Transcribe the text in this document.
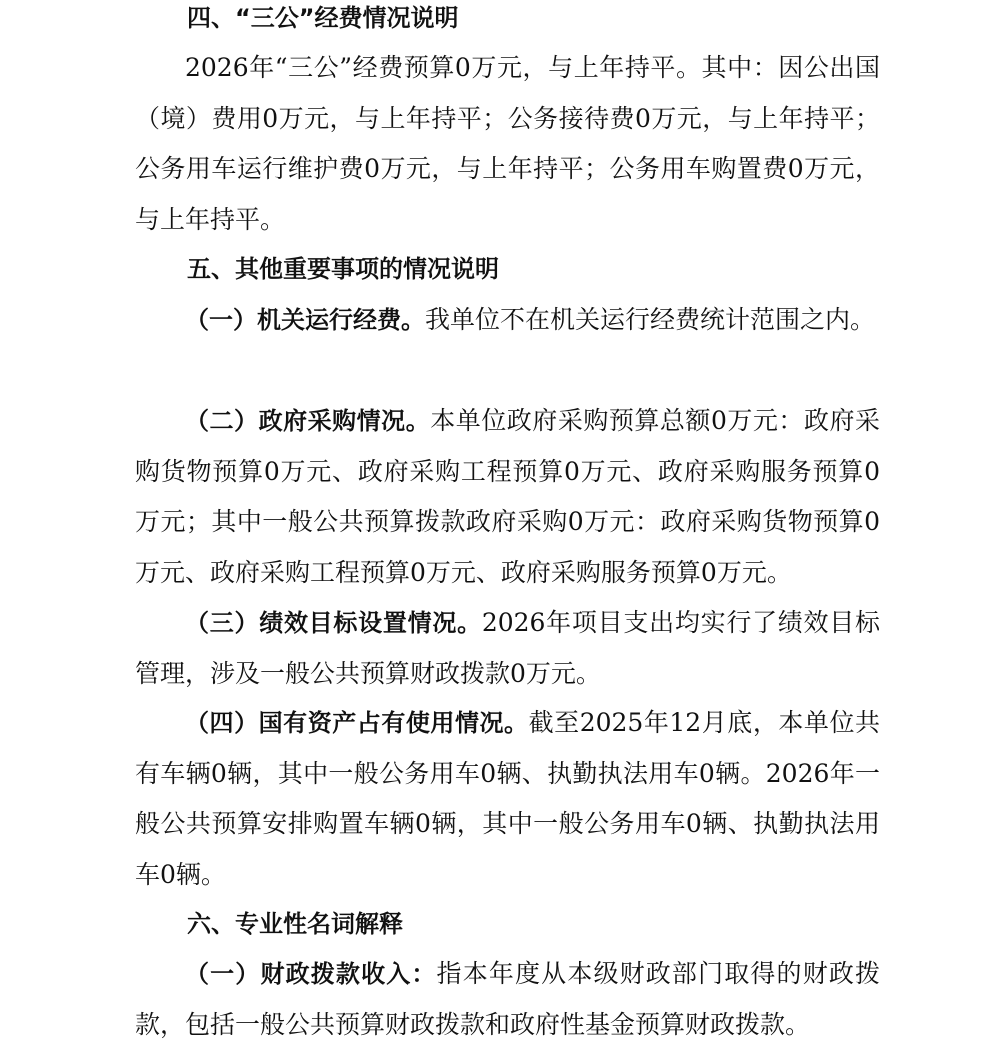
四、“三公”经费情况说明

2026年“三公”经费预算0万元，与上年持平。其中：因公出国（境）费用0万元，与上年持平；公务接待费0万元，与上年持平；公务用车运行维护费0万元，与上年持平；公务用车购置费0万元，与上年持平。

五、其他重要事项的情况说明

（一）机关运行经费。我单位不在机关运行经费统计范围之内。

（二）政府采购情况。本单位政府采购预算总额0万元：政府采购货物预算0万元、政府采购工程预算0万元、政府采购服务预算0万元；其中一般公共预算拨款政府采购0万元：政府采购货物预算0万元、政府采购工程预算0万元、政府采购服务预算0万元。

（三）绩效目标设置情况。2026年项目支出均实行了绩效目标管理，涉及一般公共预算财政拨款0万元。

（四）国有资产占有使用情况。截至2025年12月底，本单位共有车辆0辆，其中一般公务用车0辆、执勤执法用车0辆。2026年一般公共预算安排购置车辆0辆，其中一般公务用车0辆、执勤执法用车0辆。

六、专业性名词解释

（一）财政拨款收入：指本年度从本级财政部门取得的财政拨款，包括一般公共预算财政拨款和政府性基金预算财政拨款。
